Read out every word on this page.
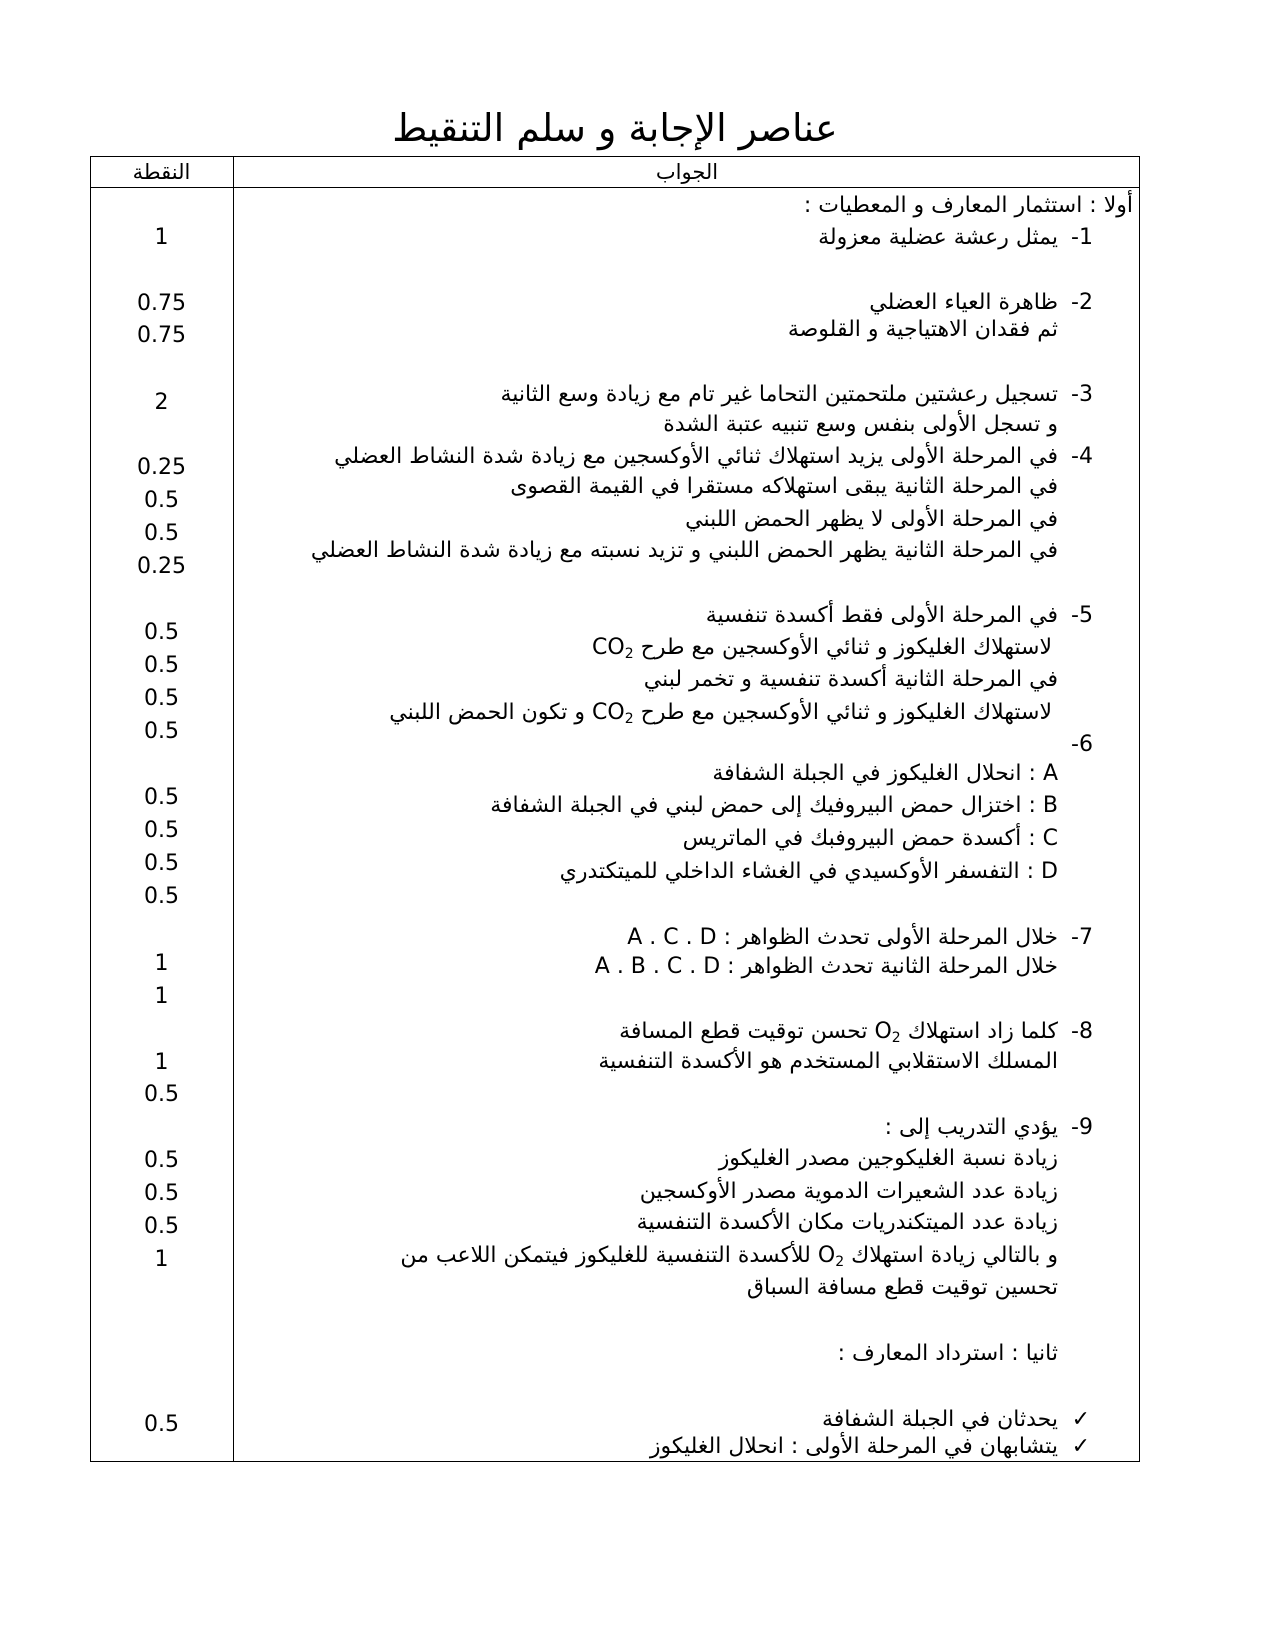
عناصر الإجابة و سلم التنقيط
الجواب
النقطة
أولا : استثمار المعارف و المعطيات :
1-
يمثل رعشة عضلية معزولة
2-
ظاهرة العياء العضلي
ثم فقدان الاهتياجية و القلوصة
3-
تسجيل رعشتين ملتحمتين التحاما غير تام مع زيادة وسع الثانية
و تسجل الأولى بنفس وسع تنبيه عتبة الشدة
4-
في المرحلة الأولى يزيد استهلاك ثنائي الأوكسجين مع زيادة شدة النشاط العضلي
في المرحلة الثانية يبقى استهلاكه مستقرا في القيمة القصوى
في المرحلة الأولى لا يظهر الحمض اللبني
في المرحلة الثانية يظهر الحمض اللبني و تزيد نسبته مع زيادة شدة النشاط العضلي
5-
في المرحلة الأولى فقط أكسدة تنفسية
لاستهلاك الغليكوز و ثنائي الأوكسجين مع طرح $CO_2$
في المرحلة الثانية أكسدة تنفسية و تخمر لبني
لاستهلاك الغليكوز و ثنائي الأوكسجين مع طرح $CO_2$ و تكون الحمض اللبني
6-
A : انحلال الغليكوز في الجبلة الشفافة
B : اختزال حمض البيروفيك إلى حمض لبني في الجبلة الشفافة
C : أكسدة حمض البيروفبك في الماتريس
D : التفسفر الأوكسيدي في الغشاء الداخلي للميتكتدري
7-
خلال المرحلة الأولى تحدث الظواهر : A . C . D
خلال المرحلة الثانية تحدث الظواهر : A . B . C . D
8-
كلما زاد استهلاك $O_2$ تحسن توقيت قطع المسافة
المسلك الاستقلابي المستخدم هو الأكسدة التنفسية
9-
يؤدي التدريب إلى :
زيادة نسبة الغليكوجين مصدر الغليكوز
زيادة عدد الشعيرات الدموية مصدر الأوكسجين
زيادة عدد الميتكندريات مكان الأكسدة التنفسية
و بالتالي زيادة استهلاك $O_2$ للأكسدة التنفسية للغليكوز فيتمكن اللاعب من
تحسين توقيت قطع مسافة السباق
ثانيا : استرداد المعارف :
✓
يحدثان في الجبلة الشفافة
✓
يتشابهان في المرحلة الأولى : انحلال الغليكوز
1
0.75
0.75
2
0.25
0.5
0.5
0.25
0.5
0.5
0.5
0.5
0.5
0.5
0.5
0.5
1
1
1
0.5
0.5
0.5
0.5
1
0.5
